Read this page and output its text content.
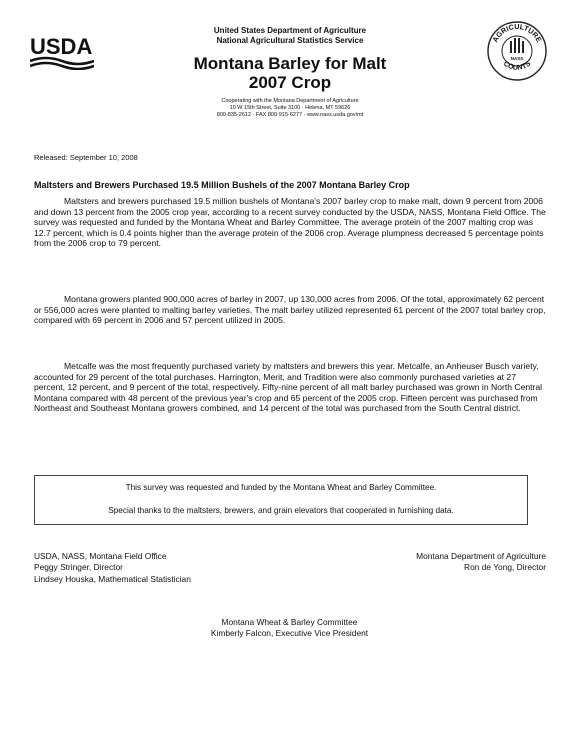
USDA
United States Department of Agriculture
National Agricultural Statistics Service
Montana Barley for Malt
2007 Crop
Cooperating with the Montana Department of Agriculture
10 W 15th Street, Suite 3100 · Helena, MT 59626
800-835-2612 · FAX 800-915-6277 · www.nass.usda.gov/mt
AGRICULTURE
COUNTS
NASS
Released: September 10, 2008
Maltsters and Brewers Purchased 19.5 Million Bushels of the 2007 Montana Barley Crop

Maltsters and brewers purchased 19.5 million bushels of Montana's 2007 barley crop to make malt, down 9 percent from 2006 and down 13 percent from the 2005 crop year, according to a recent survey conducted by the USDA, NASS, Montana Field Office. The survey was requested and funded by the Montana Wheat and Barley Committee. The average protein of the 2007 malting crop was 12.7 percent, which is 0.4 points higher than the average protein of the 2006 crop. Average plumpness decreased 5 percentage points from the 2006 crop to 79 percent.

Montana growers planted 900,000 acres of barley in 2007, up 130,000 acres from 2006. Of the total, approximately 62 percent or 556,000 acres were planted to malting barley varieties. The malt barley utilized represented 61 percent of the 2007 total barley crop, compared with 69 percent in 2006 and 57 percent utilized in 2005.

Metcalfe was the most frequently purchased variety by maltsters and brewers this year. Metcalfe, an Anheuser Busch variety, accounted for 29 percent of the total purchases. Harrington, Merit, and Tradition were also commonly purchased varieties at 27 percent, 12 percent, and 9 percent of the total, respectively. Fifty-nine percent of all malt barley purchased was grown in North Central Montana compared with 48 percent of the previous year's crop and 65 percent of the 2005 crop. Fifteen percent was purchased from Northeast and Southeast Montana growers combined, and 14 percent of the total was purchased from the South Central district.

This survey was requested and funded by the Montana Wheat and Barley Committee.
Special thanks to the maltsters, brewers, and grain elevators that cooperated in furnishing data.
USDA, NASS, Montana Field Office
Peggy Stringer, Director
Lindsey Houska, Mathematical Statistician
Montana Department of Agriculture
Ron de Yong, Director
Montana Wheat & Barley Committee
Kimberly Falcon, Executive Vice President
